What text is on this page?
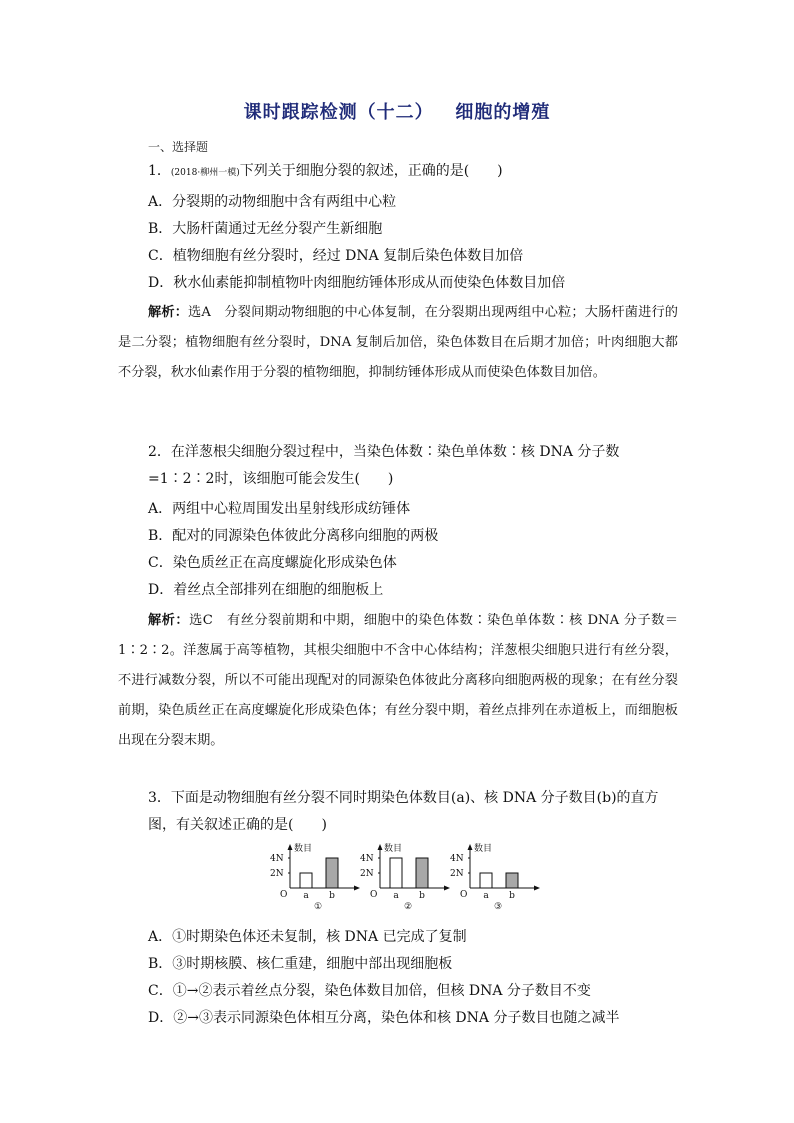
课时跟踪检测（十二）   细胞的增殖
一、选择题

1．(2018·柳州一模)下列关于细胞分裂的叙述，正确的是(　　)

A．分裂期的动物细胞中含有两组中心粒
B．大肠杆菌通过无丝分裂产生新细胞
C．植物细胞有丝分裂时，经过 DNA 复制后染色体数目加倍
D．秋水仙素能抑制植物叶肉细胞纺锤体形成从而使染色体数目加倍

解析：选A　分裂间期动物细胞的中心体复制，在分裂期出现两组中心粒；大肠杆菌进行的是二分裂；植物细胞有丝分裂时，DNA 复制后加倍，染色体数目在后期才加倍；叶肉细胞大都不分裂，秋水仙素作用于分裂的植物细胞，抑制纺锤体形成从而使染色体数目加倍。

2．在洋葱根尖细胞分裂过程中，当染色体数∶染色单体数∶核 DNA 分子数=1∶2∶2时，该细胞可能会发生(　　)

A．两组中心粒周围发出星射线形成纺锤体
B．配对的同源染色体彼此分离移向细胞的两极
C．染色质丝正在高度螺旋化形成染色体
D．着丝点全部排列在细胞的细胞板上

解析：选C　有丝分裂前期和中期，细胞中的染色体数∶染色单体数∶核 DNA 分子数＝1∶2∶2。洋葱属于高等植物，其根尖细胞中不含中心体结构；洋葱根尖细胞只进行有丝分裂，不进行减数分裂，所以不可能出现配对的同源染色体彼此分离移向细胞两极的现象；在有丝分裂前期，染色质丝正在高度螺旋化形成染色体；有丝分裂中期，着丝点排列在赤道板上，而细胞板出现在分裂末期。

3．下面是动物细胞有丝分裂不同时期染色体数目(a)、核 DNA 分子数目(b)的直方图，有关叙述正确的是(　　)

数目
O
2N
4N
a b
①
数目
O
2N
4N
a b
②
数目
O
2N
4N
a b
③
A．①时期染色体还未复制，核 DNA 已完成了复制
B．③时期核膜、核仁重建，细胞中部出现细胞板
C．①→②表示着丝点分裂，染色体数目加倍，但核 DNA 分子数目不变
D．②→③表示同源染色体相互分离，染色体和核 DNA 分子数目也随之减半
